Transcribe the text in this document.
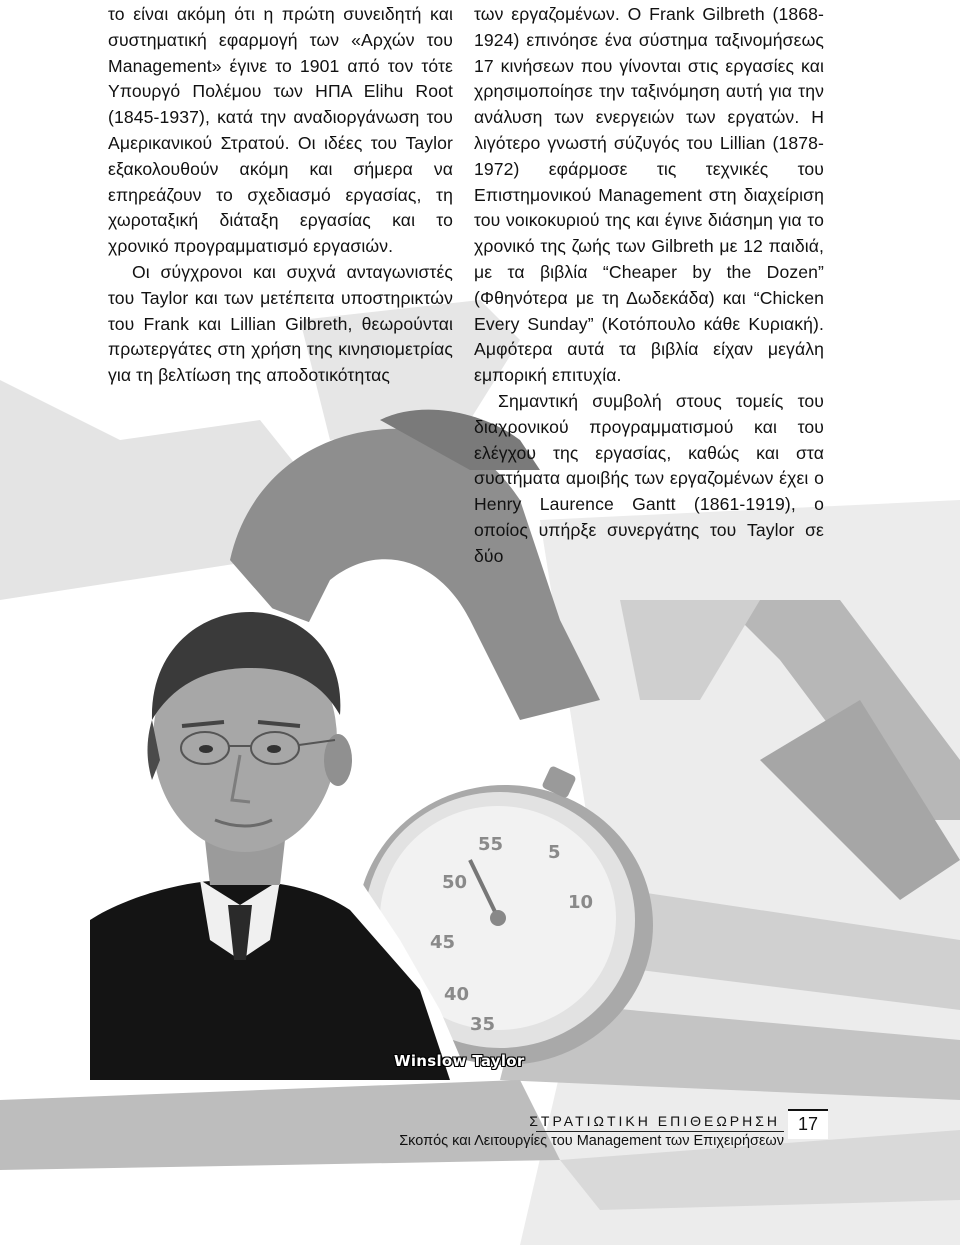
55 5
50
10
45
40
35

το είναι ακόμη ότι η πρώτη συνειδητή και συστηματική εφαρμογή των «Αρχών του Management» έγινε το 1901 από τον τότε Υπουργό Πολέμου των ΗΠΑ Elihu Root (1845-1937), κατά την αναδιοργάνωση του Αμερικανικού Στρατού. Οι ιδέες του Taylor εξακολουθούν ακόμη και σήμερα να επηρεάζουν το σχεδιασμό εργασίας, τη χωροταξική διάταξη εργασίας και το χρονικό προγραμματισμό εργασιών.

Οι σύγχρονοι και συχνά ανταγωνιστές του Taylor και των μετέπειτα υποστηρικτών του Frank και Lillian Gilbreth, θεωρούνται πρωτεργάτες στη χρήση της κινησιομετρίας για τη βελτίωση της αποδοτικότητας

των εργαζομένων. Ο Frank Gilbreth (1868-1924) επινόησε ένα σύστημα ταξινομήσεως 17 κινήσεων που γίνονται στις εργασίες και χρησιμοποίησε την ταξινόμηση αυτή για την ανάλυση των ενεργειών των εργατών. Η λιγότερο γνωστή σύζυγός του Lillian (1878-1972) εφάρμοσε τις τεχνικές του Επιστημονικού Management στη διαχείριση του νοικοκυριού της και έγινε διάσημη για το χρονικό της ζωής των Gilbreth με 12 παιδιά, με τα βιβλία “Cheaper by the Dozen” (Φθηνότερα με τη Δωδεκάδα) και “Chicken Every Sunday” (Κοτόπουλο κάθε Κυριακή). Αμφότερα αυτά τα βιβλία είχαν μεγάλη εμπορική επιτυχία.

Σημαντική συμβολή στους τομείς του διαχρονικού προγραμματισμού και του ελέγχου της εργασίας, καθώς και στα συστήματα αμοιβής των εργαζομένων έχει ο Henry Laurence Gantt (1861-1919), ο οποίος υπήρξε συνεργάτης του Taylor σε δύο

Winslow Taylor
ΣΤΡΑΤΙΩΤΙΚΗ ΕΠΙΘΕΩΡΗΣΗ
Σκοπός και Λειτουργίες του Management των Επιχειρήσεων
17
